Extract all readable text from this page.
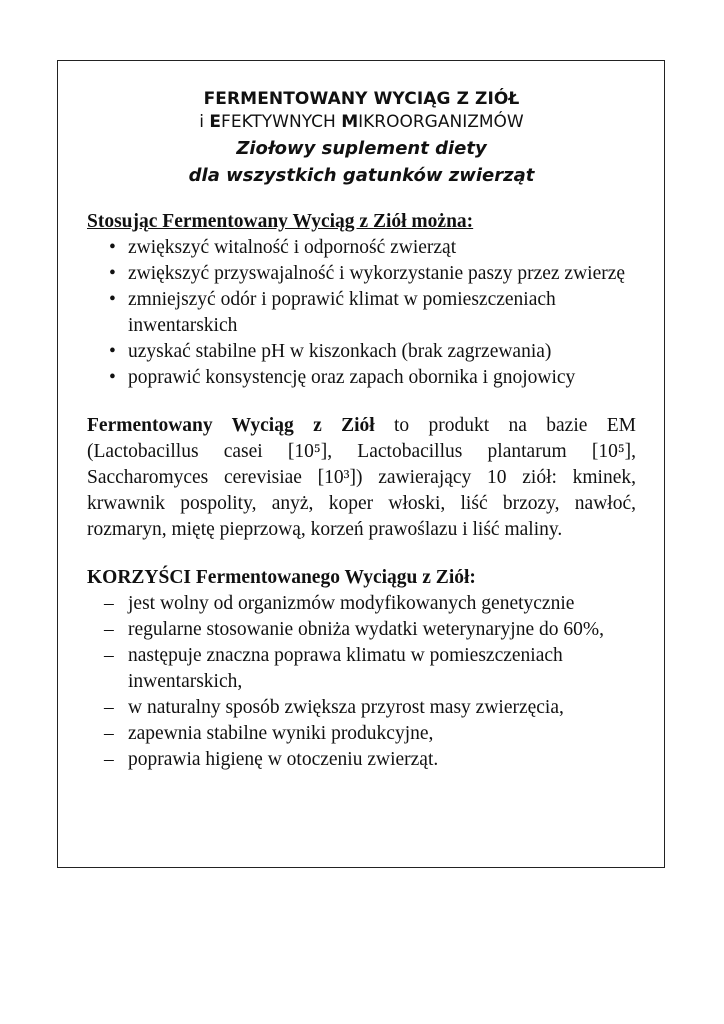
FERMENTOWANY WYCIĄG Z ZIÓŁ
i EFEKTYWNYCH MIKROORGANIZMÓW
Ziołowy suplement diety
dla wszystkich gatunków zwierząt
Stosując Fermentowany Wyciąg z Ziół można:
• zwiększyć witalność i odporność zwierząt
• zwiększyć przyswajalność i wykorzystanie paszy przez zwierzę
• zmniejszyć odór i poprawić klimat w pomieszczeniach inwentarskich
• uzyskać stabilne pH w kiszonkach (brak zagrzewania)
• poprawić konsystencję oraz zapach obornika i gnojowicy
Fermentowany Wyciąg z Ziół to produkt na bazie EM (Lactobacillus casei [10⁵], Lactobacillus plantarum [10⁵], Saccharomyces cerevisiae [10³]) zawierający 10 ziół: kminek, krwawnik pospolity, anyż, koper włoski, liść brzozy, nawłoć, rozmaryn, miętę pieprzową, korzeń prawoślazu i liść maliny.
KORZYŚCI Fermentowanego Wyciągu z Ziół:
– jest wolny od organizmów modyfikowanych genetycznie
– regularne stosowanie obniża wydatki weterynaryjne do 60%,
– następuje znaczna poprawa klimatu w pomieszczeniach inwentarskich,
– w naturalny sposób zwiększa przyrost masy zwierzęcia,
– zapewnia stabilne wyniki produkcyjne,
– poprawia higienę w otoczeniu zwierząt.
